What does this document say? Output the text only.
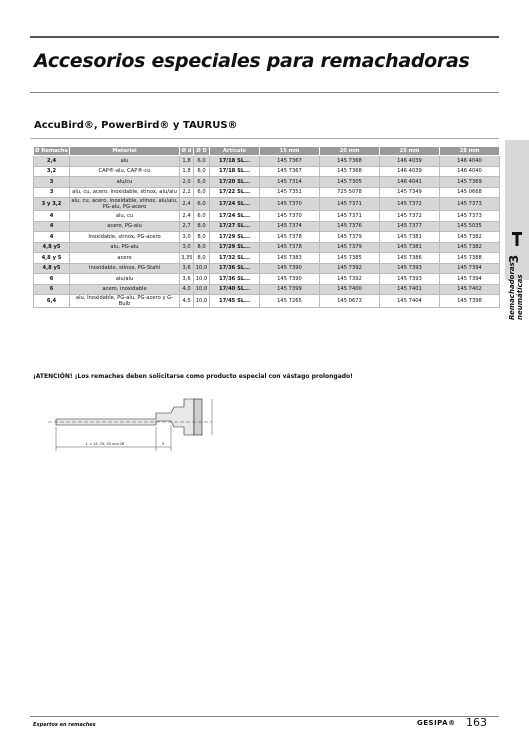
Accesorios especiales para remachadoras
AccuBird®, PowerBird® y TAURUS®
3
Remachadoras neumáticas
Ø Remache	Material	Ø d	Ø D	Artículo	15 mm	20 mm	25 mm	28 mm
2,4	alu	1,8	6,0	17/18 SL...	145 7367	145 7368	146 4039	146 4040
3,2	CAP®-alu, CAP®-cu	1,8	6,0	17/18 SL...	145 7367	145 7368	146 4039	146 4040
3	alu/cu	2,0	6,0	17/20 SL...	145 7314	145 7305	146 4041	145 7369
3	alu, cu, acero, inoxidable, stinox, alu/alu	2,2	6,0	17/22 SL...	145 7351	725 5078	145 7349	145 0668
3 y 3,2	alu, cu, acero, inoxidable, stinox, alu/alu, PG-alu, PG-acero	2,4	6,0	17/24 SL...	145 7370	145 7371	145 7372	145 7373
4	alu, cu	2,4	6,0	17/24 SL...	145 7370	145 7371	145 7372	145 7373
4	acero, PG-alu	2,7	8,0	17/27 SL...	145 7374	145 7376	145 7377	145 5035
4	Inoxidable, stinox, PG-acero	3,0	8,0	17/29 SL...	145 7378	145 7379	145 7381	145 7382
4,8 y5	alu, PG-alu	3,0	8,0	17/29 SL...	145 7378	145 7379	145 7381	145 7382
4,8 y 5	acero	3,35	8,0	17/32 SL...	145 7383	145 7385	145 7386	145 7388
4,8 y5	Inoxidable, stinox, PG-Stahl	3,6	10,0	17/36 SL...	145 7390	145 7392	145 7393	145 7394
6	alu/alu	3,6	10,0	17/36 SL...	145 7390	145 7392	145 7393	145 7394
6	acero, inoxidable	4,0	10,0	17/40 SL...	145 7399	145 7400	145 7401	145 7402
6,4	alu, Inoxidable, PG-alu, PG-acero y G-Bulb	4,5	10,0	17/45 SL...	145 7265	145 0673	145 7404	145 7398
¡ATENCIÓN! ¡Los remaches deben solicitarse como producto especial con vástago prolongado!
L = 15, 20, 25 und 28	5
Expertos en remaches	GESIPA® 163
